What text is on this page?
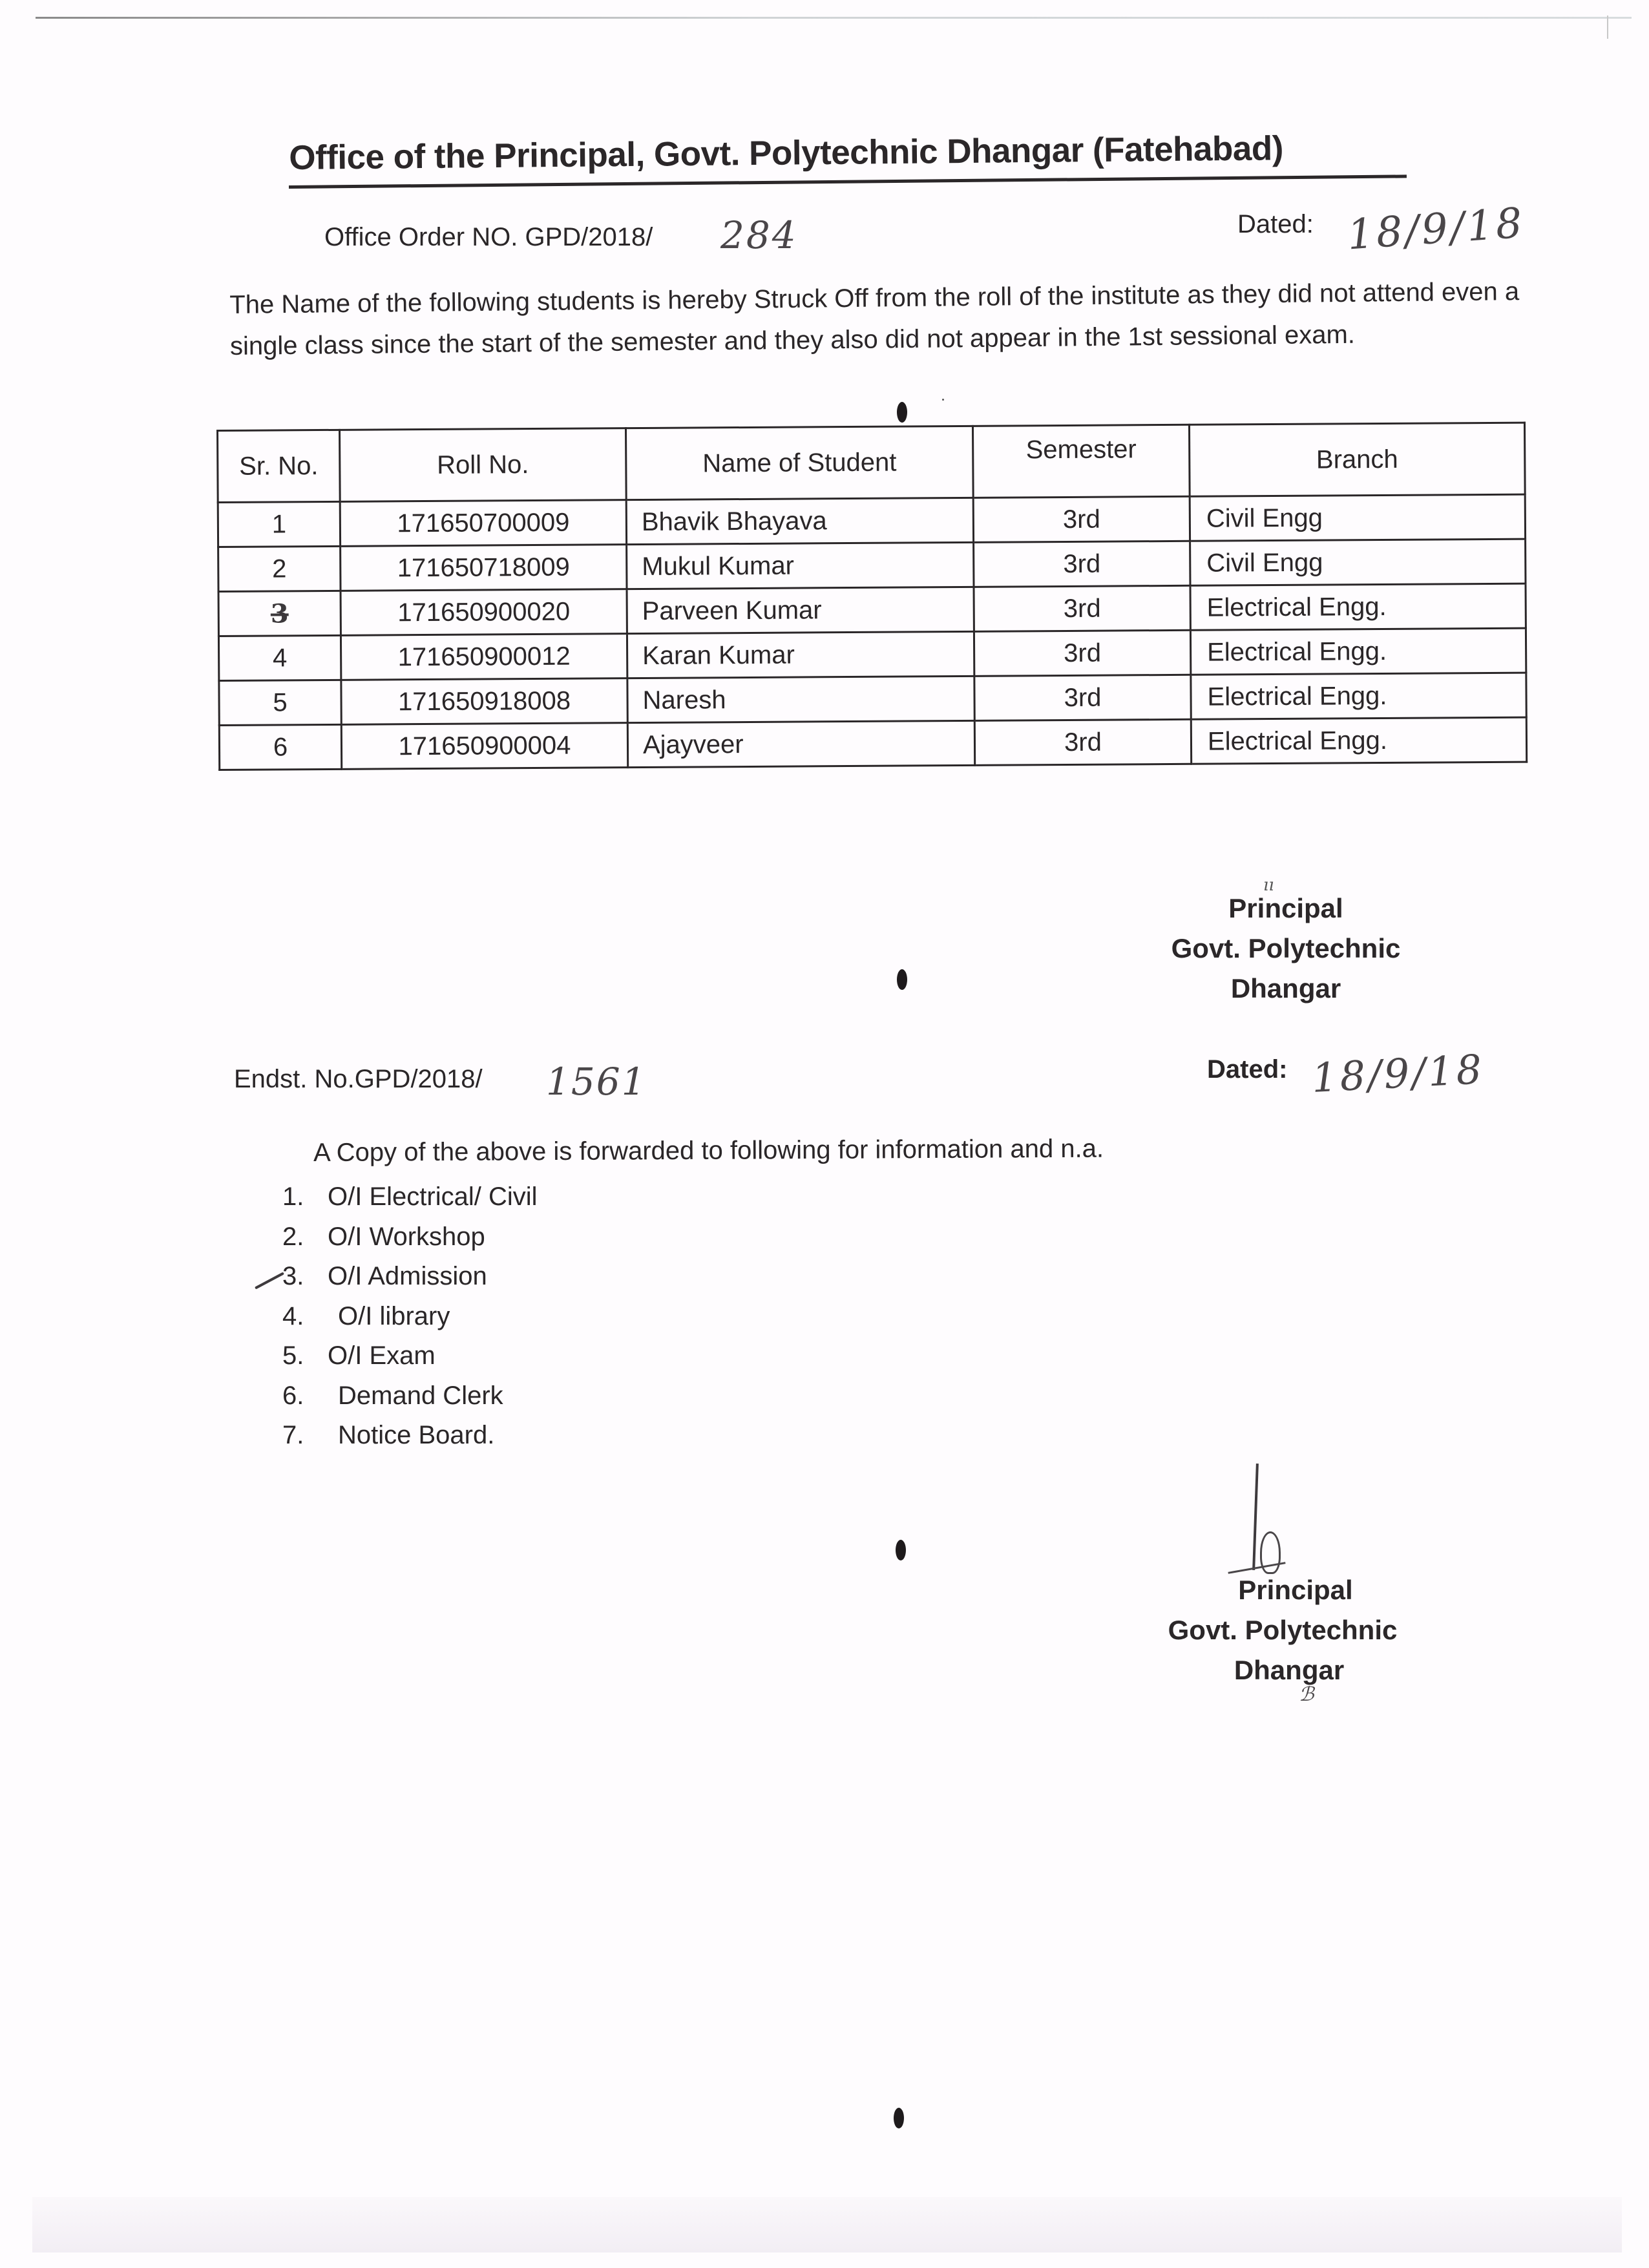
Office of the Principal, Govt. Polytechnic Dhangar (Fatehabad)
Office Order NO. GPD/2018/ 284	Dated: 18/9/18
The Name of the following students is hereby Struck Off from the roll of the institute as they did not attend even a single class since the start of the semester and they also did not appear in the 1st sessional exam.
Sr. No.	Roll No.	Name of Student	Semester	Branch
1	171650700009	Bhavik Bhayava	3rd	Civil Engg
2	171650718009	Mukul Kumar	3rd	Civil Engg
3	171650900020	Parveen Kumar	3rd	Electrical Engg.
4	171650900012	Karan Kumar	3rd	Electrical Engg.
5	171650918008	Naresh	3rd	Electrical Engg.
6	171650900004	Ajayveer	3rd	Electrical Engg.
ıı
Principal
Govt. Polytechnic
Dhangar
Endst. No.GPD/2018/ 1561	Dated: 18/9/18
A Copy of the above is forwarded to following for information and n.a.
1. O/I Electrical/ Civil
2. O/I Workshop
3. O/I Admission
4. O/I library
5. O/I Exam
6. Demand Clerk
7. Notice Board.
Principal
Govt. Polytechnic
Dhangar
ℬ
